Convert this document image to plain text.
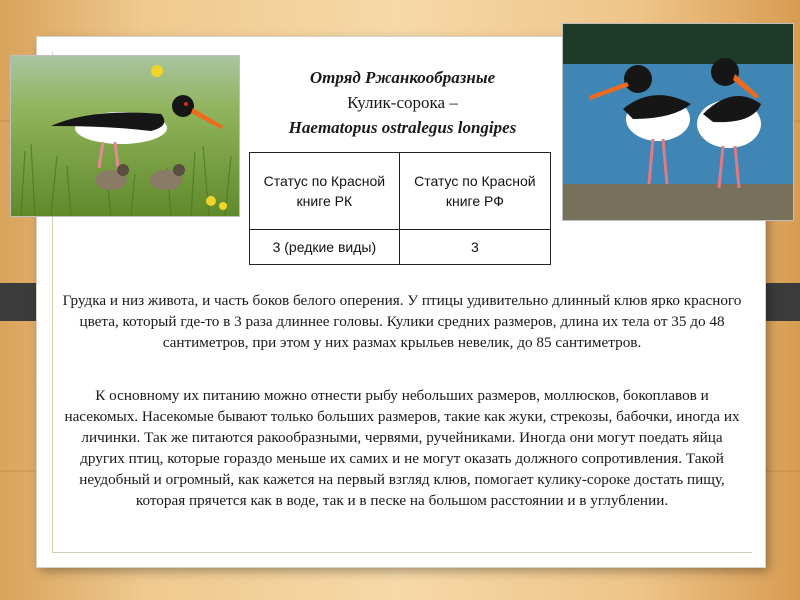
Отряд Ржанкообразные
Кулик-сорока –
Haematopus ostralegus longipes
Статус по Красной книге РК	Статус по Красной книге РФ
3 (редкие виды)	3
Грудка и низ живота, и часть боков белого оперения. У птицы удивительно длинный клюв ярко красного цвета, который где-то в 3 раза длиннее головы. Кулики средних размеров, длина их тела от 35 до 48 сантиметров, при этом у них размах крыльев невелик, до 85 сантиметров.
К основному их питанию можно отнести рыбу небольших размеров, моллюсков, бокоплавов и насекомых. Насекомые бывают только больших размеров, такие как жуки, стрекозы, бабочки, иногда их личинки. Так же питаются ракообразными, червями, ручейниками. Иногда они могут поедать яйца других птиц, которые гораздо меньше их самих и не могут оказать должного сопротивления. Такой неудобный и огромный, как кажется на первый взгляд клюв, помогает кулику-сороке достать пищу, которая прячется как в воде, так и в песке на большом расстоянии и в углублении.
